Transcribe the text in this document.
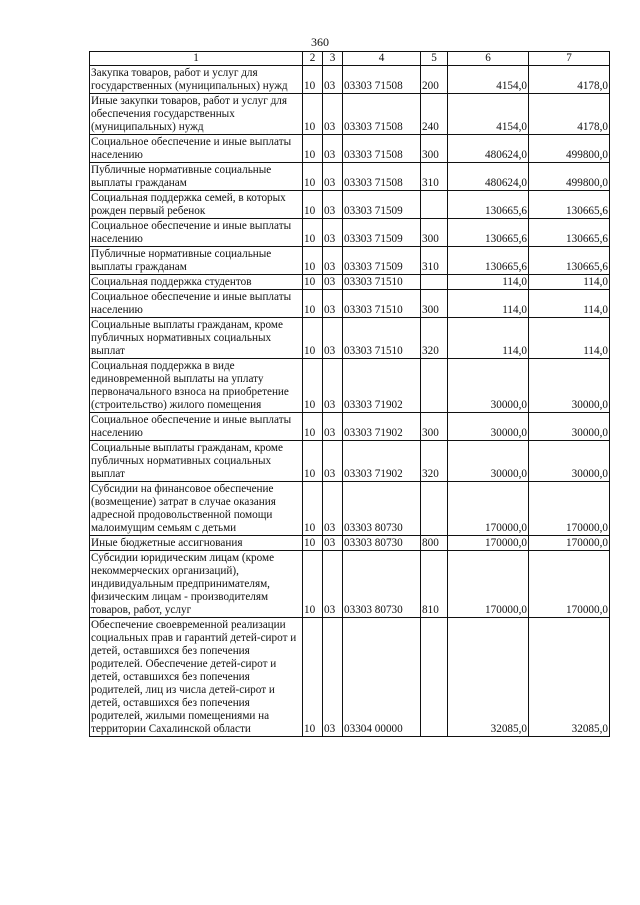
360
1	2	3	4	5	6	7
Закупка товаров, работ и услуг для государственных (муниципальных) нужд	10	03	03303 71508	200	4154,0	4178,0
Иные закупки товаров, работ и услуг для обеспечения государственных (муниципальных) нужд	10	03	03303 71508	240	4154,0	4178,0
Социальное обеспечение и иные выплаты населению	10	03	03303 71508	300	480624,0	499800,0
Публичные нормативные социальные выплаты гражданам	10	03	03303 71508	310	480624,0	499800,0
Социальная поддержка семей, в которых рожден первый ребенок	10	03	03303 71509		130665,6	130665,6
Социальное обеспечение и иные выплаты населению	10	03	03303 71509	300	130665,6	130665,6
Публичные нормативные социальные выплаты гражданам	10	03	03303 71509	310	130665,6	130665,6
Социальная поддержка студентов	10	03	03303 71510		114,0	114,0
Социальное обеспечение и иные выплаты населению	10	03	03303 71510	300	114,0	114,0
Социальные выплаты гражданам, кроме публичных нормативных социальных выплат	10	03	03303 71510	320	114,0	114,0
Социальная поддержка в виде единовременной выплаты на уплату первоначального взноса на приобретение (строительство) жилого помещения	10	03	03303 71902		30000,0	30000,0
Социальное обеспечение и иные выплаты населению	10	03	03303 71902	300	30000,0	30000,0
Социальные выплаты гражданам, кроме публичных нормативных социальных выплат	10	03	03303 71902	320	30000,0	30000,0
Субсидии на финансовое обеспечение (возмещение) затрат в случае оказания адресной продовольственной помощи малоимущим семьям с детьми	10	03	03303 80730		170000,0	170000,0
Иные бюджетные ассигнования	10	03	03303 80730	800	170000,0	170000,0
Субсидии юридическим лицам (кроме некоммерческих организаций), индивидуальным предпринимателям, физическим лицам - производителям товаров, работ, услуг	10	03	03303 80730	810	170000,0	170000,0
Обеспечение своевременной реализации социальных прав и гарантий детей-сирот и детей, оставшихся без попечения родителей. Обеспечение детей-сирот и детей, оставшихся без попечения родителей, лиц из числа детей-сирот и детей, оставшихся без попечения родителей, жилыми помещениями на территории Сахалинской области	10	03	03304 00000		32085,0	32085,0
